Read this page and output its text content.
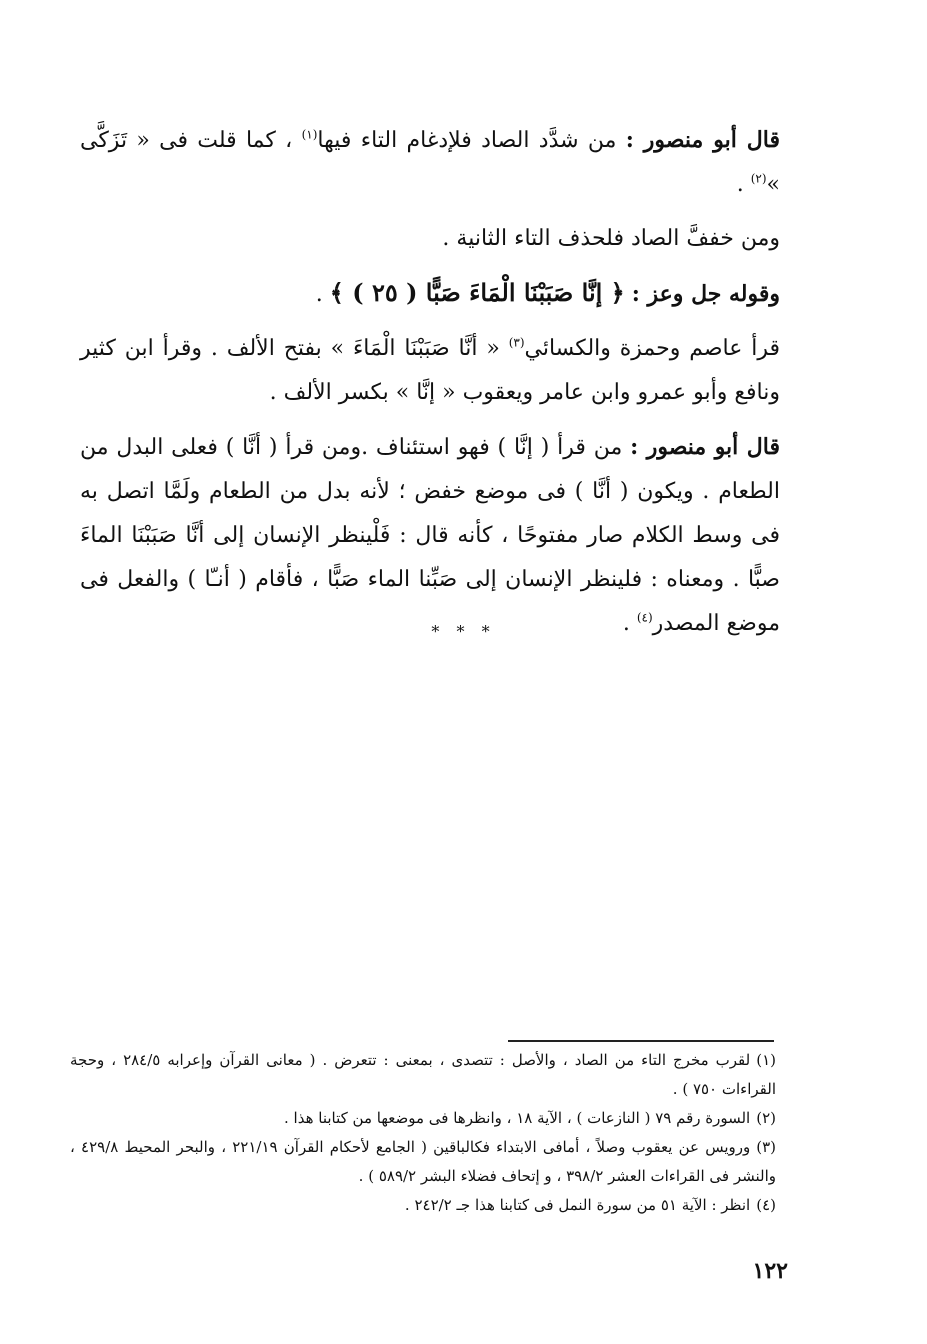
قال أبو منصور : من شدَّد الصاد فلإدغام التاء فيها$^{(١)}$ ، كما قلت فى « تَزَكَّى »$^{(٢)}$ .

ومن خففَّ الصاد فلحذف التاء الثانية .

وقوله جل وعز : ﴿ إنَّا صَبَبْنَا الْمَاءَ صَبًّا ( ٢٥ ) ﴾ .

قرأ عاصم وحمزة والكسائي$^{(٣)}$ « أنَّا صَبَبْنَا الْمَاءَ » بفتح الألف . وقرأ ابن كثير ونافع وأبو عمرو وابن عامر ويعقوب « إنَّا » بكسر الألف .

قال أبو منصور : من قرأ ( إنَّا ) فهو استئناف .ومن قرأ ( أنَّا ) فعلى البدل من الطعام . ويكون ( أنَّا ) فى موضع خفض ؛ لأنه بدل من الطعام ولَمَّا اتصل به فى وسط الكلام صار مفتوحًا ، كأنه قال : فَلْينظر الإنسان إلى أنَّا صَبَبْنَا الماءَ صبًّا . ومعناه : فلينظر الإنسان إلى صَبِّنا الماء صَبًّا ، فأقام ( أنـّا ) والفعل فى موضع المصدر$^{(٤)}$ .

* * *

(١)لقرب مخرج التاء من الصاد ، والأصل : تتصدى ، بمعنى : تتعرض . ( معانى القرآن وإعرابه ٢٨٤/٥ ، وحجة القراءات ٧٥٠ ) .

(٢)السورة رقم ٧٩ ( النازعات ) ، الآية ١٨ ، وانظرها فى موضعها من كتابنا هذا .

(٣)ورويس عن يعقوب وصلاً ، أمافى الابتداء فكالباقين ( الجامع لأحكام القرآن ٢٢١/١٩ ، والبحر المحيط ٤٢٩/٨ ، والنشر فى القراءات العشر ٣٩٨/٢ ، و إتحاف فضلاء البشر ٥٨٩/٢ ) .

(٤)انظر : الآية ٥١ من سورة النمل فى كتابنا هذا جـ ٢٤٢/٢ .

١٢٢
